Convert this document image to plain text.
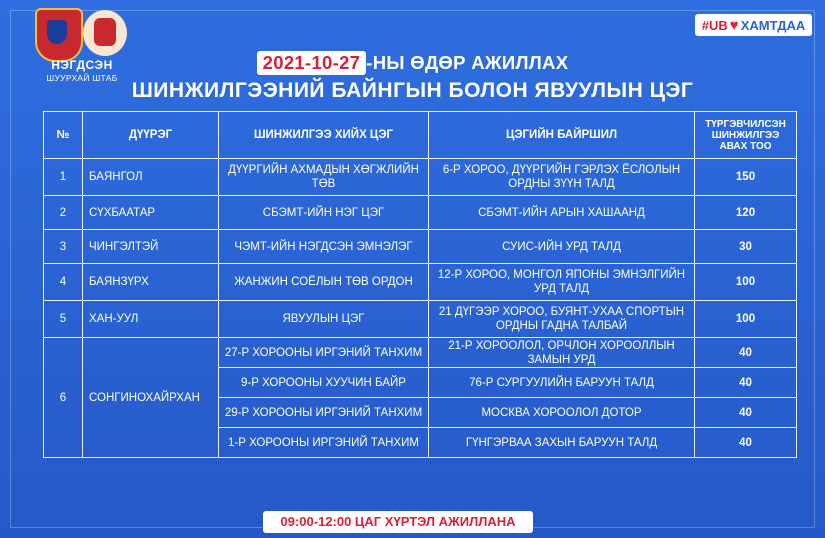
НЭГДСЭН
ШУУРХАЙ ШТАБ
#UB ♥ ХАМТДАА
2021-10-27 -НЫ ӨДӨР АЖИЛЛАХ
ШИНЖИЛГЭЭНИЙ БАЙНГЫН БОЛОН ЯВУУЛЫН ЦЭГ
№	ДҮҮРЭГ	ШИНЖИЛГЭЭ ХИЙХ ЦЭГ	ЦЭГИЙН БАЙРШИЛ	ТҮРГЭВЧИЛСЭН ШИНЖИЛГЭЭ АВАХ ТОО
1	БАЯНГОЛ	ДҮҮРГИЙН АХМАДЫН ХӨГЖЛИЙН ТӨВ	6-Р ХОРОО, ДҮҮРГИЙН ГЭРЛЭХ ЁСЛОЛЫН ОРДНЫ ЗҮҮН ТАЛД	150
2	СҮХБААТАР	СБЭМТ-ИЙН НЭГ ЦЭГ	СБЭМТ-ИЙН АРЫН ХАШААНД	120
3	ЧИНГЭЛТЭЙ	ЧЭМТ-ИЙН НЭГДСЭН ЭМНЭЛЭГ	СУИС-ИЙН УРД ТАЛД	30
4	БАЯНЗҮРХ	ЖАНЖИН СОЁЛЫН ТӨВ ОРДОН	12-Р ХОРОО, МОНГОЛ ЯПОНЫ ЭМНЭЛГИЙН УРД ТАЛД	100
5	ХАН-УУЛ	ЯВУУЛЫН ЦЭГ	21 ДҮГЭЭР ХОРОО, БУЯНТ-УХАА СПОРТЫН ОРДНЫ ГАДНА ТАЛБАЙ	100
6	СОНГИНОХАЙРХАН	27-Р ХОРООНЫ ИРГЭНИЙ ТАНХИМ	21-Р ХОРООЛОЛ, ОРЧЛОН ХОРООЛЛЫН ЗАМЫН УРД	40
		9-Р ХОРООНЫ ХУУЧИН БАЙР	76-Р СУРГУУЛИЙН БАРУУН ТАЛД	40
		29-Р ХОРООНЫ ИРГЭНИЙ ТАНХИМ	МОСКВА ХОРООЛОЛ ДОТОР	40
		1-Р ХОРООНЫ ИРГЭНИЙ ТАНХИМ	ГҮНГЭРВАА ЗАХЫН БАРУУН ТАЛД	40
09:00-12:00 ЦАГ ХҮРТЭЛ АЖИЛЛАНА
